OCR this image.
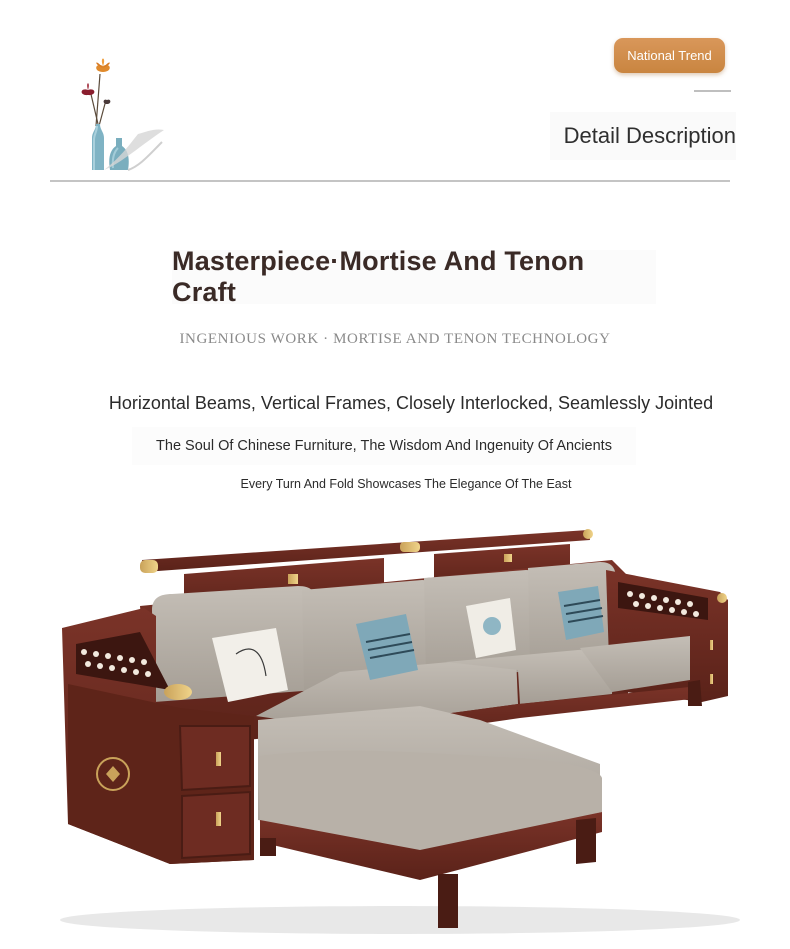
National Trend
Detail Description
Masterpiece·Mortise And Tenon Craft
INGENIOUS WORK · MORTISE AND TENON TECHNOLOGY
Horizontal Beams, Vertical Frames, Closely Interlocked, Seamlessly Jointed
The Soul Of Chinese Furniture, The Wisdom And Ingenuity Of Ancients
Every Turn And Fold Showcases The Elegance Of The East
